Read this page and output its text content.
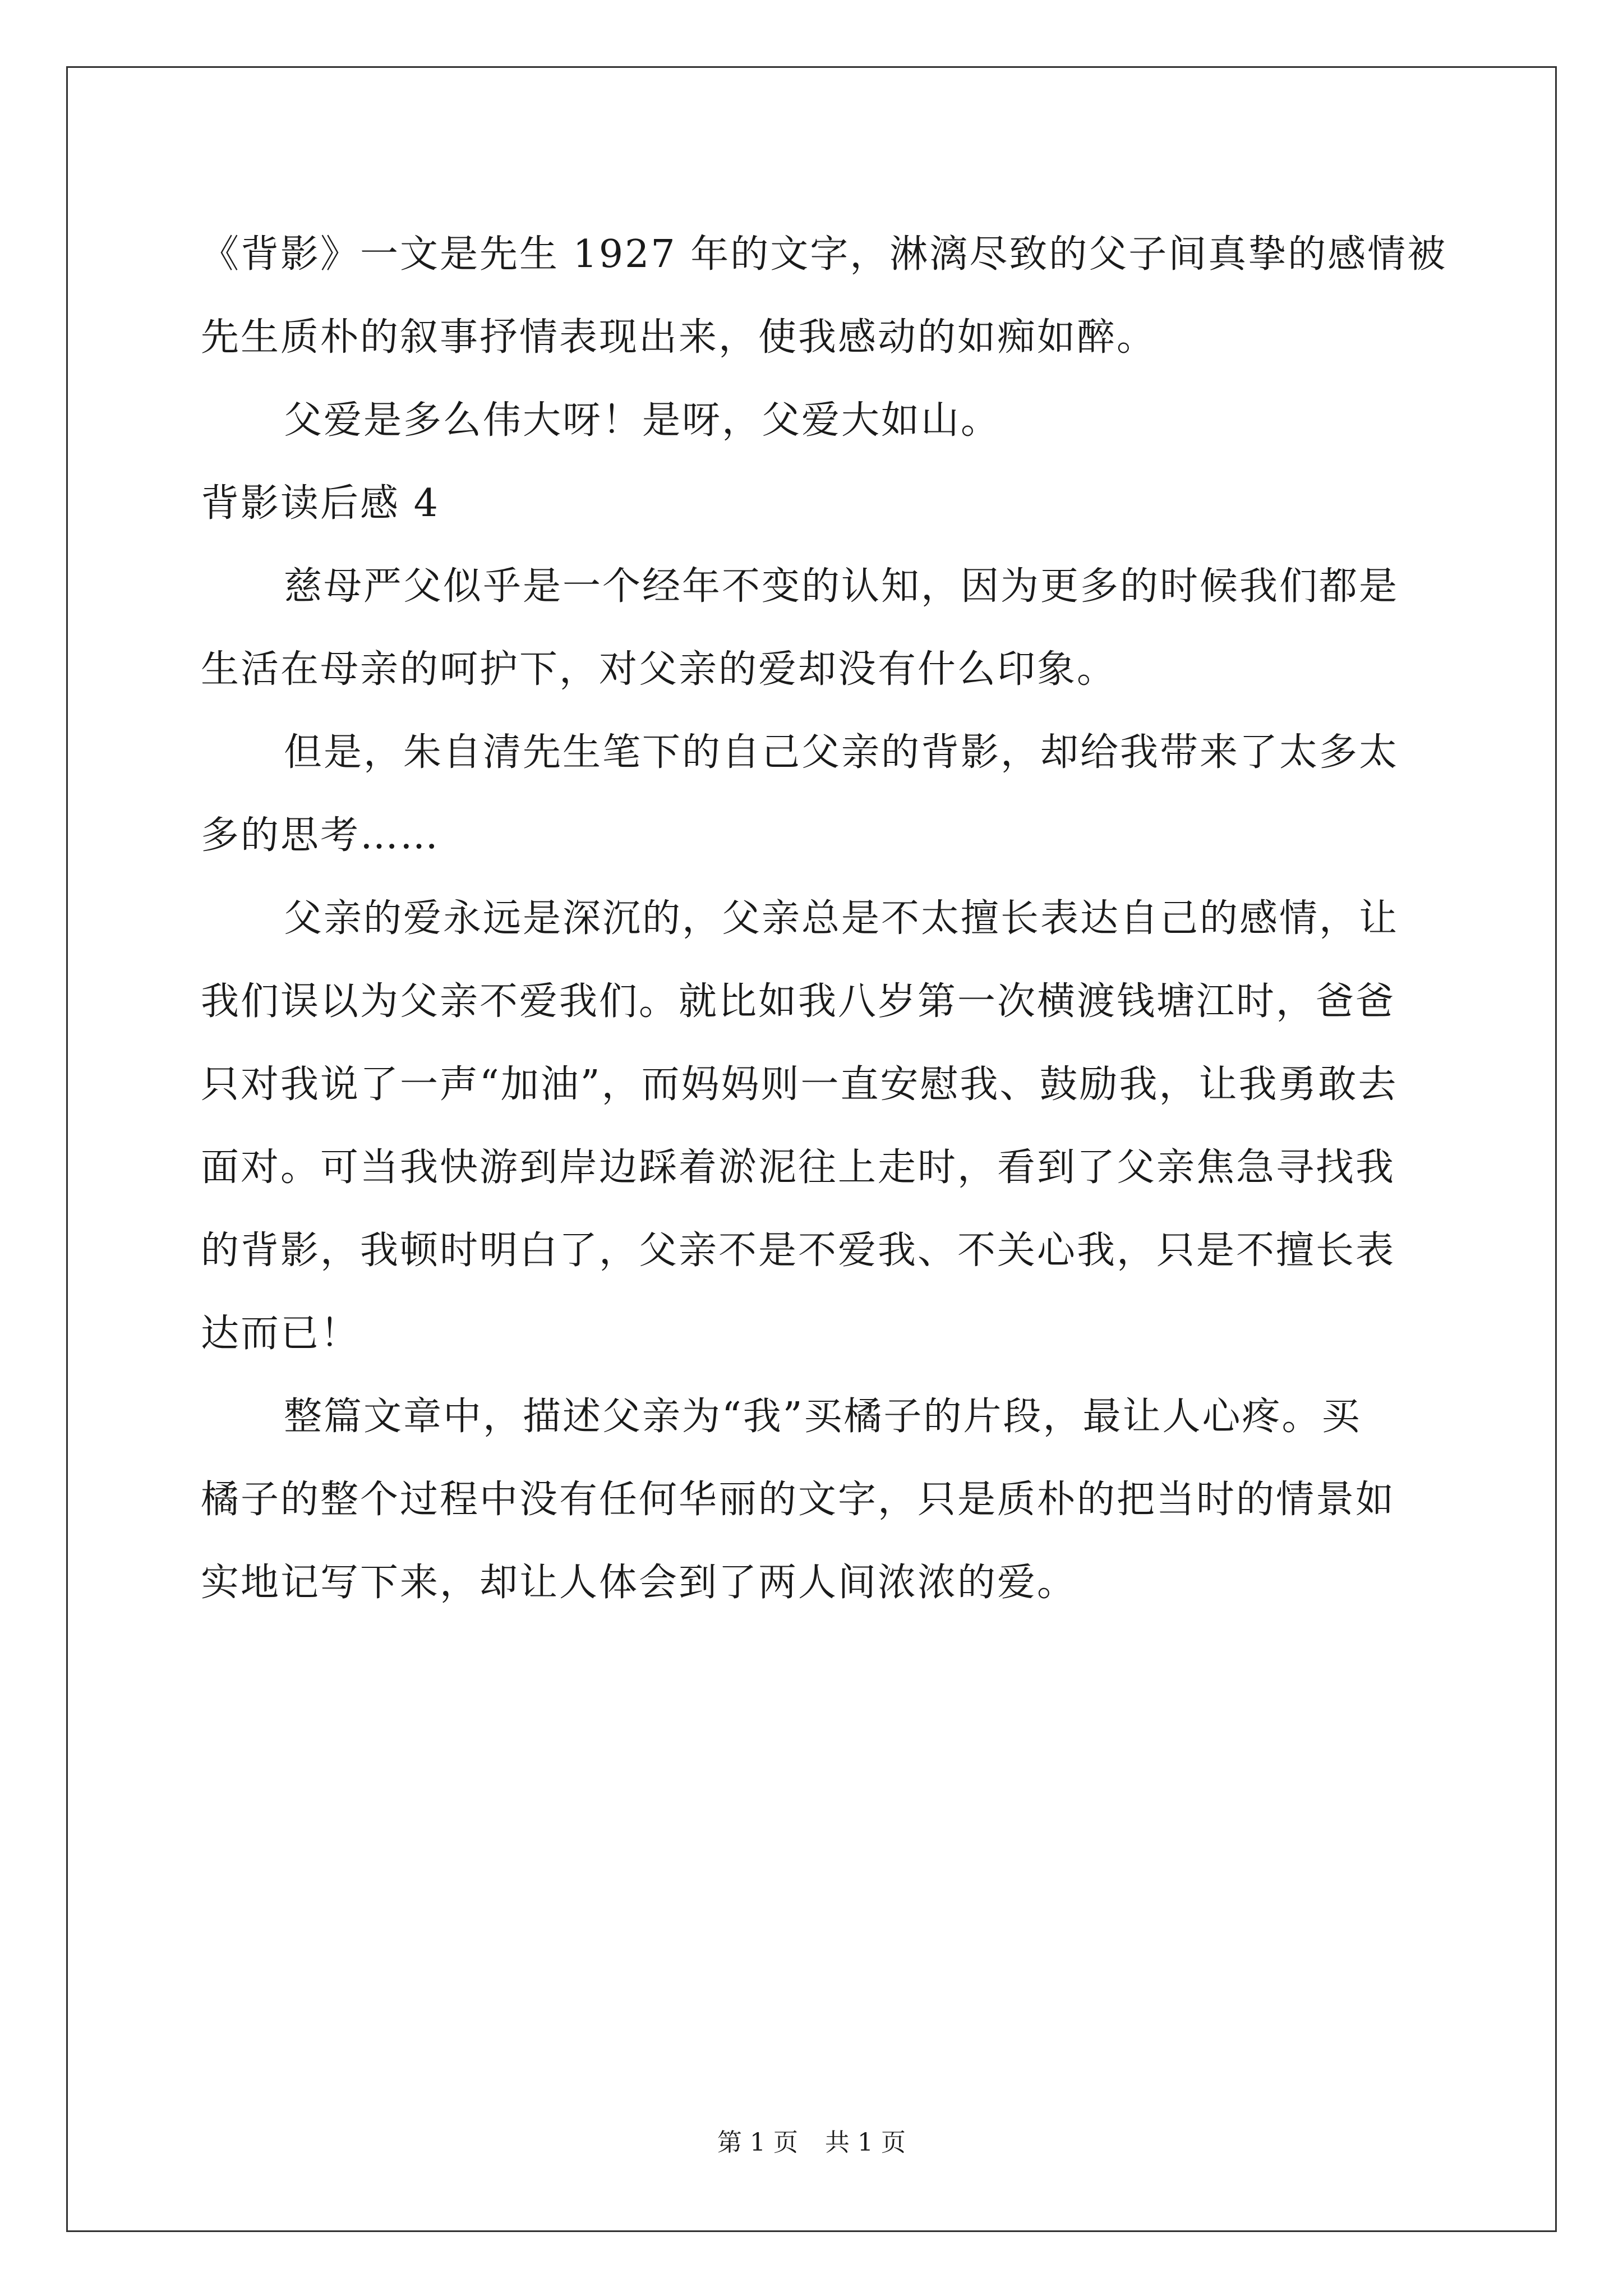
《背影》一文是先生 1927 年的文字，淋漓尽致的父子间真挚的感情被
先生质朴的叙事抒情表现出来，使我感动的如痴如醉。
父爱是多么伟大呀！是呀，父爱大如山。
背影读后感 4
慈母严父似乎是一个经年不变的认知，因为更多的时候我们都是
生活在母亲的呵护下，对父亲的爱却没有什么印象。
但是，朱自清先生笔下的自己父亲的背影，却给我带来了太多太
多的思考……
父亲的爱永远是深沉的，父亲总是不太擅长表达自己的感情，让
我们误以为父亲不爱我们。就比如我八岁第一次横渡钱塘江时，爸爸
只对我说了一声“加油”，而妈妈则一直安慰我、鼓励我，让我勇敢去
面对。可当我快游到岸边踩着淤泥往上走时，看到了父亲焦急寻找我
的背影，我顿时明白了，父亲不是不爱我、不关心我，只是不擅长表
达而已！
整篇文章中，描述父亲为“我”买橘子的片段，最让人心疼。买
橘子的整个过程中没有任何华丽的文字，只是质朴的把当时的情景如
实地记写下来，却让人体会到了两人间浓浓的爱。
第 1 页 共 1 页
